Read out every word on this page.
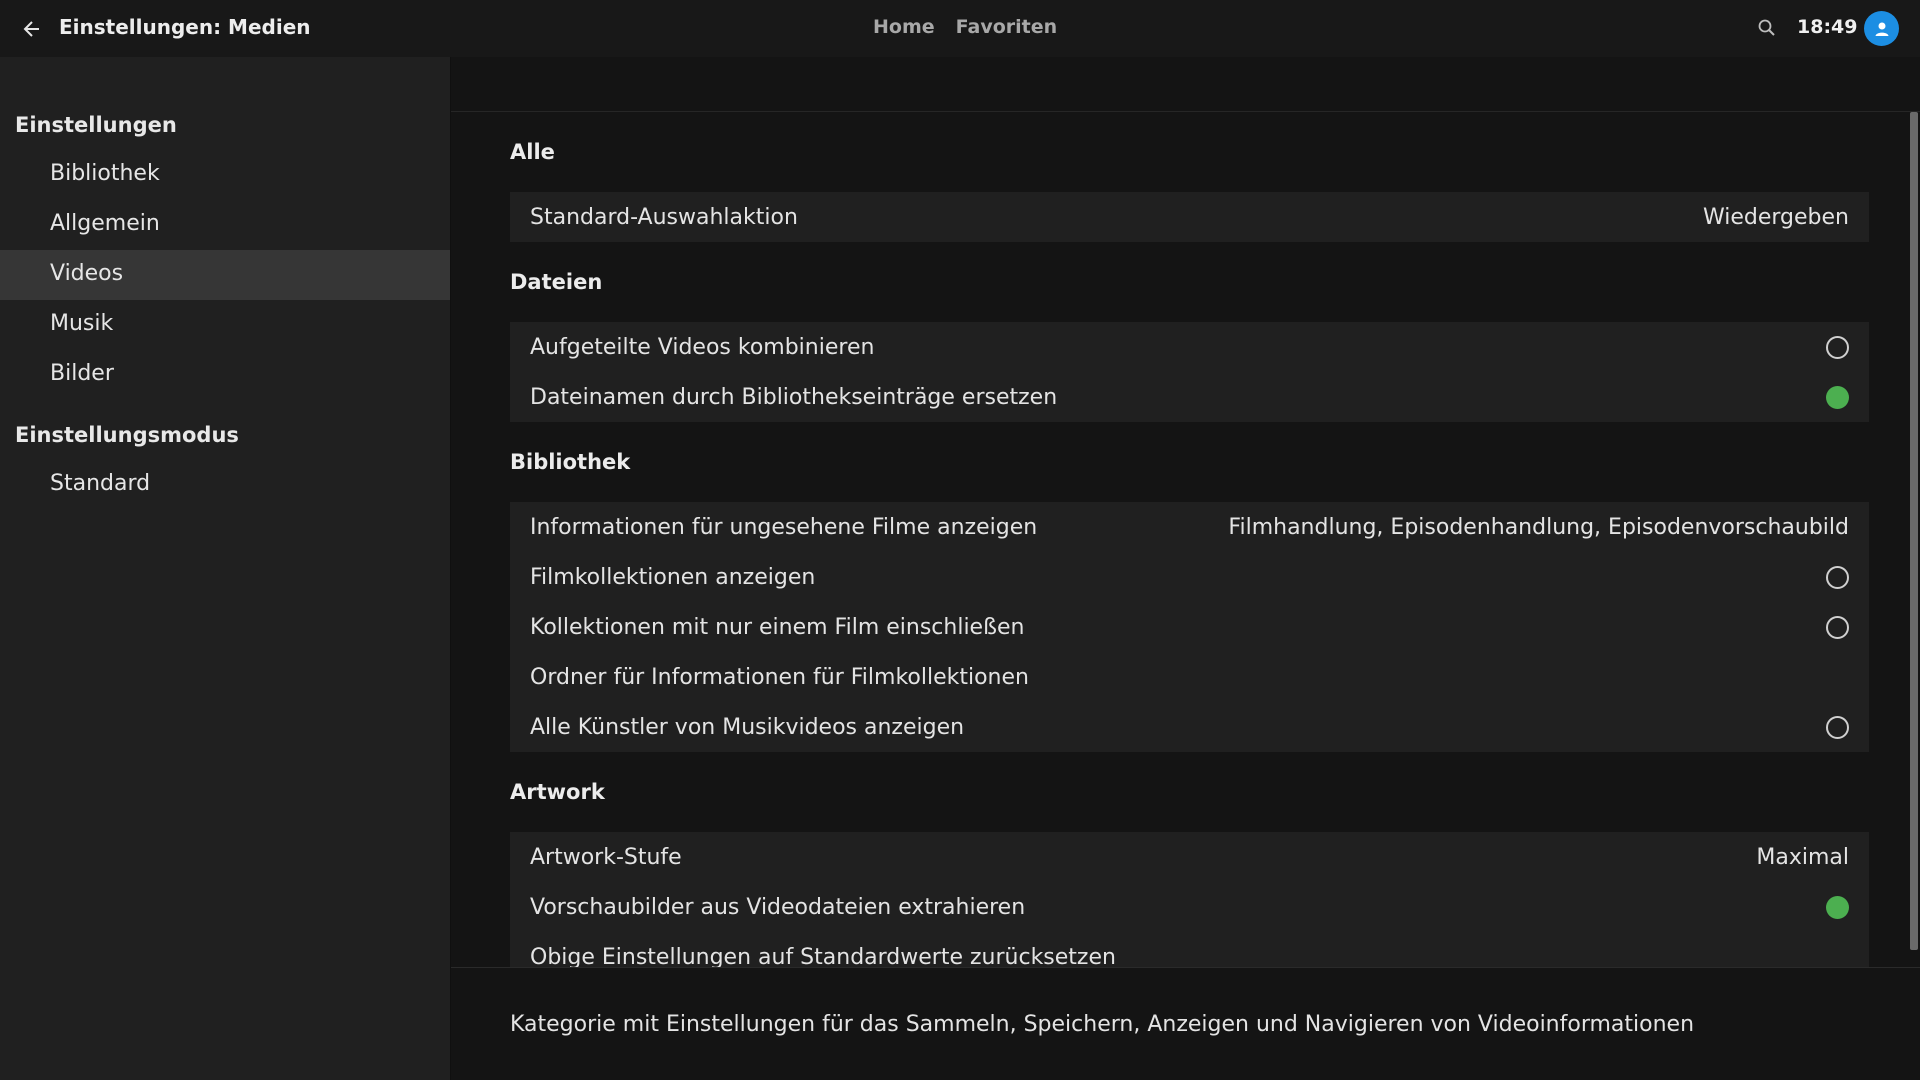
Einstellungen: Medien	Home Favoriten	18:49
Einstellungen
Bibliothek
Allgemein
Videos
Musik
Bilder
Einstellungsmodus
Standard
Alle
Standard-Auswahlaktion	Wiedergeben
Dateien
Aufgeteilte Videos kombinieren
Dateinamen durch Bibliothekseinträge ersetzen
Bibliothek
Informationen für ungesehene Filme anzeigen	Filmhandlung, Episodenhandlung, Episodenvorschaubild
Filmkollektionen anzeigen
Kollektionen mit nur einem Film einschließen
Ordner für Informationen für Filmkollektionen
Alle Künstler von Musikvideos anzeigen
Artwork
Artwork-Stufe	Maximal
Vorschaubilder aus Videodateien extrahieren
Obige Einstellungen auf Standardwerte zurücksetzen
Kategorie mit Einstellungen für das Sammeln, Speichern, Anzeigen und Navigieren von Videoinformationen
